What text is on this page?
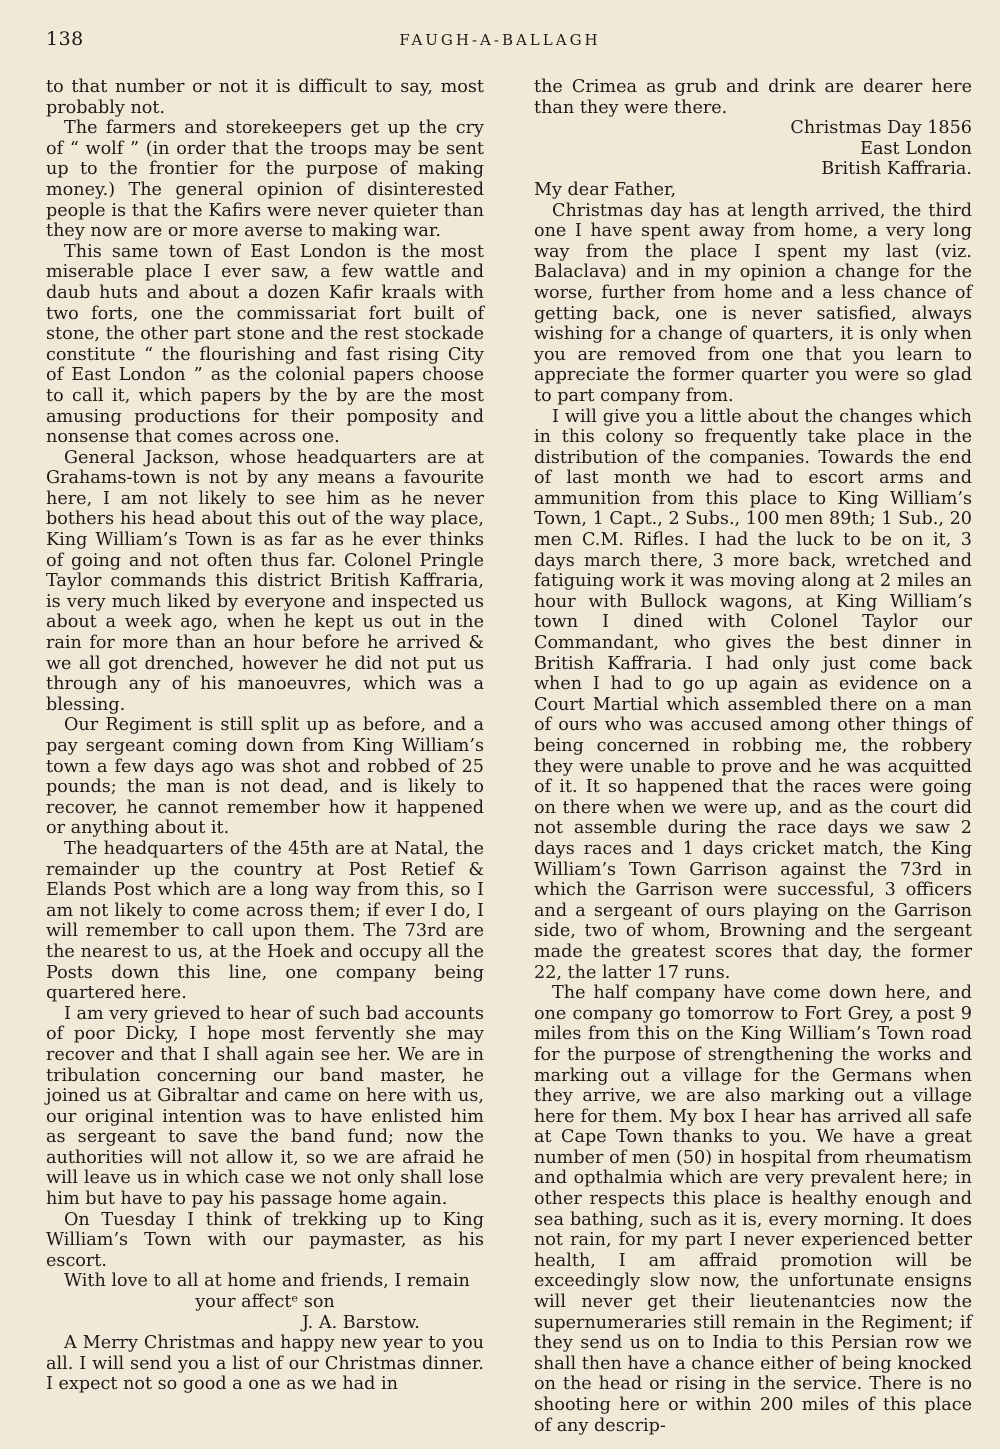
138	FAUGH-A-BALLAGH

to that number or not it is difficult to say, most probably not.

The farmers and storekeepers get up the cry of “ wolf ” (in order that the troops may be sent up to the frontier for the purpose of making money.) The general opinion of disinterested people is that the Kafirs were never quieter than they now are or more averse to making war.

This same town of East London is the most miserable place I ever saw, a few wattle and daub huts and about a dozen Kafir kraals with two forts, one the commissariat fort built of stone, the other part stone and the rest stockade constitute “ the flourishing and fast rising City of East London ” as the colonial papers choose to call it, which papers by the by are the most amusing productions for their pomposity and nonsense that comes across one.

General Jackson, whose headquarters are at Grahams-town is not by any means a favourite here, I am not likely to see him as he never bothers his head about this out of the way place, King William’s Town is as far as he ever thinks of going and not often thus far. Colonel Pringle Taylor commands this district British Kaffraria, is very much liked by everyone and inspected us about a week ago, when he kept us out in the rain for more than an hour before he arrived & we all got drenched, however he did not put us through any of his manoeuvres, which was a blessing.

Our Regiment is still split up as before, and a pay sergeant coming down from King William’s town a few days ago was shot and robbed of 25 pounds; the man is not dead, and is likely to recover, he cannot remember how it happened or anything about it.

The headquarters of the 45th are at Natal, the remainder up the country at Post Retief & Elands Post which are a long way from this, so I am not likely to come across them; if ever I do, I will remember to call upon them. The 73rd are the nearest to us, at the Hoek and occupy all the Posts down this line, one company being quartered here.

I am very grieved to hear of such bad accounts of poor Dicky, I hope most fervently she may recover and that I shall again see her. We are in tribulation concerning our band master, he joined us at Gibraltar and came on here with us, our original intention was to have enlisted him as sergeant to save the band fund; now the authorities will not allow it, so we are afraid he will leave us in which case we not only shall lose him but have to pay his passage home again.

On Tuesday I think of trekking up to King William’s Town with our paymaster, as his escort.

With love to all at home and friends, I remain

your affectᵉ son

J. A. Barstow.

A Merry Christmas and happy new year to you all. I will send you a list of our Christmas dinner. I expect not so good a one as we had in

the Crimea as grub and drink are dearer here than they were there.

Christmas Day 1856

East London

British Kaffraria.

My dear Father,

Christmas day has at length arrived, the third one I have spent away from home, a very long way from the place I spent my last (viz. Balaclava) and in my opinion a change for the worse, further from home and a less chance of getting back, one is never satisfied, always wishing for a change of quarters, it is only when you are removed from one that you learn to appreciate the former quarter you were so glad to part company from.

I will give you a little about the changes which in this colony so frequently take place in the distribution of the companies. Towards the end of last month we had to escort arms and ammunition from this place to King William’s Town, 1 Capt., 2 Subs., 100 men 89th; 1 Sub., 20 men C.M. Rifles. I had the luck to be on it, 3 days march there, 3 more back, wretched and fatiguing work it was moving along at 2 miles an hour with Bullock wagons, at King William’s town I dined with Colonel Taylor our Commandant, who gives the best dinner in British Kaffraria. I had only just come back when I had to go up again as evidence on a Court Martial which assembled there on a man of ours who was accused among other things of being concerned in robbing me, the robbery they were unable to prove and he was acquitted of it. It so happened that the races were going on there when we were up, and as the court did not assemble during the race days we saw 2 days races and 1 days cricket match, the King William’s Town Garrison against the 73rd in which the Garrison were successful, 3 officers and a sergeant of ours playing on the Garrison side, two of whom, Browning and the sergeant made the greatest scores that day, the former 22, the latter 17 runs.

The half company have come down here, and one company go tomorrow to Fort Grey, a post 9 miles from this on the King William’s Town road for the purpose of strengthening the works and marking out a village for the Germans when they arrive, we are also marking out a village here for them. My box I hear has arrived all safe at Cape Town thanks to you. We have a great number of men (50) in hospital from rheumatism and opthalmia which are very prevalent here; in other respects this place is healthy enough and sea bathing, such as it is, every morning. It does not rain, for my part I never experienced better health, I am affraid promotion will be exceedingly slow now, the unfortunate ensigns will never get their lieutenantcies now the supernumeraries still remain in the Regiment; if they send us on to India to this Persian row we shall then have a chance either of being knocked on the head or rising in the service. There is no shooting here or within 200 miles of this place of any descrip-
